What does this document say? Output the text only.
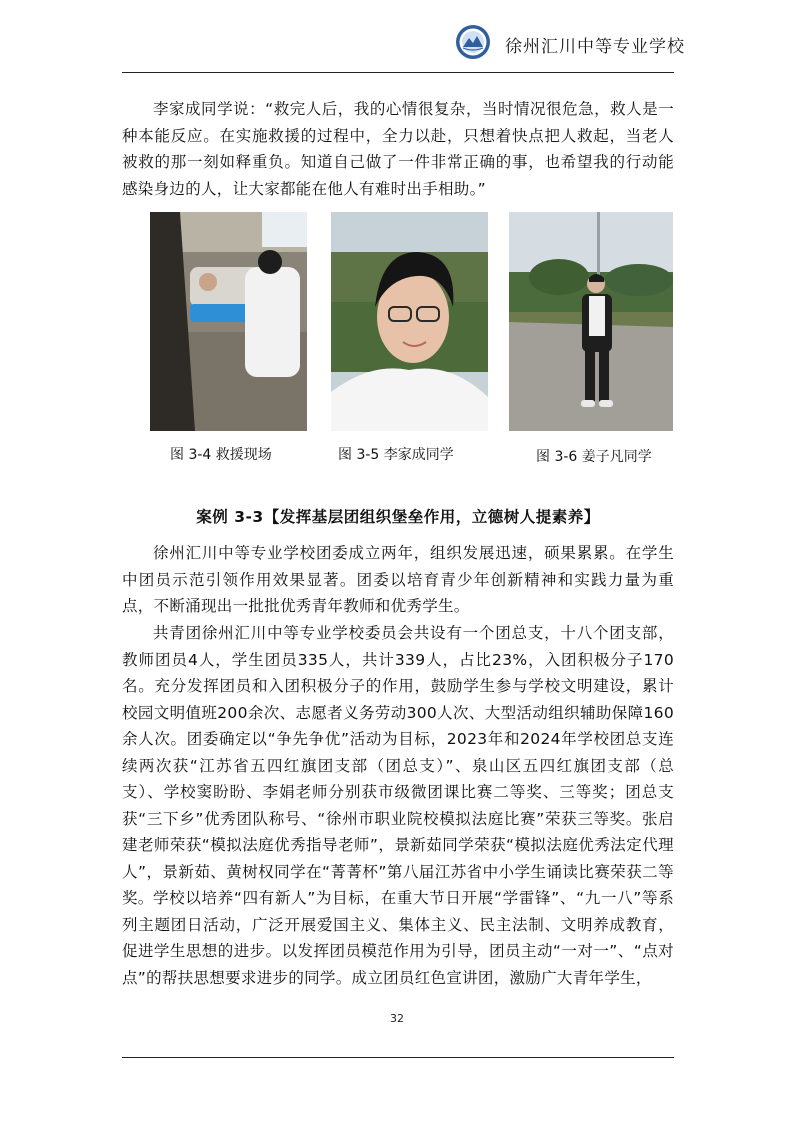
徐州汇川中等专业学校

李家成同学说：“救完人后，我的心情很复杂，当时情况很危急，救人是一种本能反应。在实施救援的过程中，全力以赴，只想着快点把人救起，当老人被救的那一刻如释重负。知道自己做了一件非常正确的事，也希望我的行动能感染身边的人，让大家都能在他人有难时出手相助。”

图 3-4 救援现场	图 3-5 李家成同学	图 3-6 姜子凡同学
案例 3-3【发挥基层团组织堡垒作用，立德树人提素养】

徐州汇川中等专业学校团委成立两年，组织发展迅速，硕果累累。在学生中团员示范引领作用效果显著。团委以培育青少年创新精神和实践力量为重点，不断涌现出一批批优秀青年教师和优秀学生。

共青团徐州汇川中等专业学校委员会共设有一个团总支，十八个团支部，教师团员4人，学生团员335人，共计339人，占比23%，入团积极分子170名。充分发挥团员和入团积极分子的作用，鼓励学生参与学校文明建设，累计校园文明值班200余次、志愿者义务劳动300人次、大型活动组织辅助保障160余人次。团委确定以“争先争优”活动为目标，2023年和2024年学校团总支连续两次获“江苏省五四红旗团支部（团总支）”、泉山区五四红旗团支部（总支）、学校窦盼盼、李娟老师分别获市级微团课比赛二等奖、三等奖；团总支获“三下乡”优秀团队称号、“徐州市职业院校模拟法庭比赛”荣获三等奖。张启建老师荣获“模拟法庭优秀指导老师”，景新茹同学荣获“模拟法庭优秀法定代理人”，景新茹、黄树权同学在“菁菁杯”第八届江苏省中小学生诵读比赛荣获二等奖。 学校以培养“四有新人”为目标，在重大节日开展“学雷锋”、“九一八”等系列主题团日活动，广泛开展爱国主义、集体主义、民主法制、文明养成教育，促进学生思想的进步。以发挥团员模范作用为引导，团员主动“一对一”、“点对点”的帮扶思想要求进步的同学。成立团员红色宣讲团，激励广大青年学生，

32
